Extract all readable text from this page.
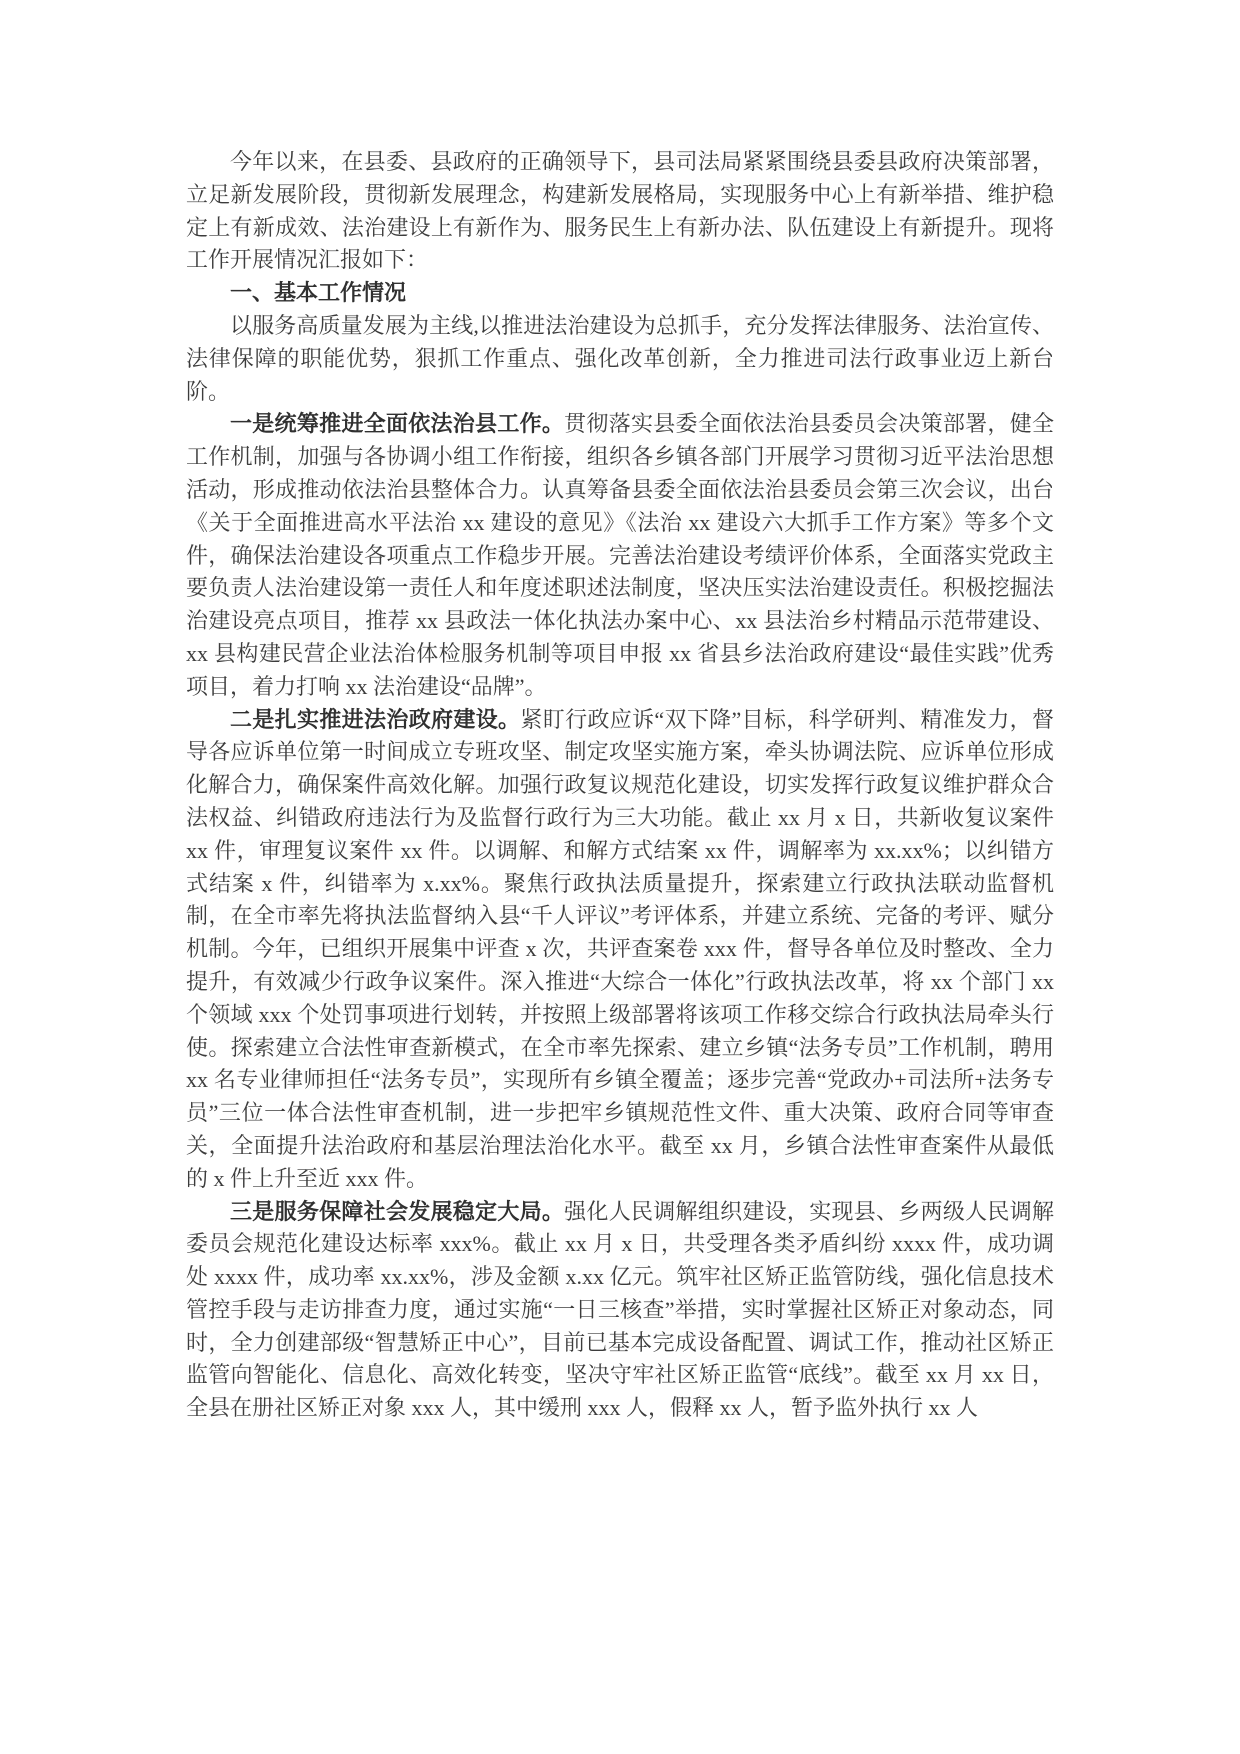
今年以来，在县委、县政府的正确领导下，县司法局紧紧围绕县委县政府决策部署，立足新发展阶段，贯彻新发展理念，构建新发展格局，实现服务中心上有新举措、维护稳定上有新成效、法治建设上有新作为、服务民生上有新办法、队伍建设上有新提升。现将工作开展情况汇报如下：

一、基本工作情况

以服务高质量发展为主线,以推进法治建设为总抓手，充分发挥法律服务、法治宣传、法律保障的职能优势，狠抓工作重点、强化改革创新，全力推进司法行政事业迈上新台阶。

一是统筹推进全面依法治县工作。贯彻落实县委全面依法治县委员会决策部署，健全工作机制，加强与各协调小组工作衔接，组织各乡镇各部门开展学习贯彻习近平法治思想活动，形成推动依法治县整体合力。认真筹备县委全面依法治县委员会第三次会议，出台《关于全面推进高水平法治 xx 建设的意见》《法治 xx 建设六大抓手工作方案》等多个文件，确保法治建设各项重点工作稳步开展。完善法治建设考绩评价体系，全面落实党政主要负责人法治建设第一责任人和年度述职述法制度，坚决压实法治建设责任。积极挖掘法治建设亮点项目，推荐 xx 县政法一体化执法办案中心、xx 县法治乡村精品示范带建设、xx 县构建民营企业法治体检服务机制等项目申报 xx 省县乡法治政府建设“最佳实践”优秀项目，着力打响 xx 法治建设“品牌”。

二是扎实推进法治政府建设。紧盯行政应诉“双下降”目标，科学研判、精准发力，督导各应诉单位第一时间成立专班攻坚、制定攻坚实施方案，牵头协调法院、应诉单位形成化解合力，确保案件高效化解。加强行政复议规范化建设，切实发挥行政复议维护群众合法权益、纠错政府违法行为及监督行政行为三大功能。截止 xx 月 x 日，共新收复议案件 xx 件，审理复议案件 xx 件。以调解、和解方式结案 xx 件，调解率为 xx.xx%；以纠错方式结案 x 件，纠错率为 x.xx%。聚焦行政执法质量提升，探索建立行政执法联动监督机制，在全市率先将执法监督纳入县“千人评议”考评体系，并建立系统、完备的考评、赋分机制。今年，已组织开展集中评查 x 次，共评查案卷 xxx 件，督导各单位及时整改、全力提升，有效减少行政争议案件。深入推进“大综合一体化”行政执法改革，将 xx 个部门 xx 个领域 xxx 个处罚事项进行划转，并按照上级部署将该项工作移交综合行政执法局牵头行使。探索建立合法性审查新模式，在全市率先探索、建立乡镇“法务专员”工作机制，聘用 xx 名专业律师担任“法务专员”，实现所有乡镇全覆盖；逐步完善“党政办+司法所+法务专员”三位一体合法性审查机制，进一步把牢乡镇规范性文件、重大决策、政府合同等审查关，全面提升法治政府和基层治理法治化水平。截至 xx 月，乡镇合法性审查案件从最低的 x 件上升至近 xxx 件。

三是服务保障社会发展稳定大局。强化人民调解组织建设，实现县、乡两级人民调解委员会规范化建设达标率 xxx%。截止 xx 月 x 日，共受理各类矛盾纠纷 xxxx 件，成功调处 xxxx 件，成功率 xx.xx%，涉及金额 x.xx 亿元。筑牢社区矫正监管防线，强化信息技术管控手段与走访排查力度，通过实施“一日三核查”举措，实时掌握社区矫正对象动态，同时，全力创建部级“智慧矫正中心”，目前已基本完成设备配置、调试工作，推动社区矫正监管向智能化、信息化、高效化转变，坚决守牢社区矫正监管“底线”。截至 xx 月 xx 日，全县在册社区矫正对象 xxx 人，其中缓刑 xxx 人，假释 xx 人，暂予监外执行 xx 人
